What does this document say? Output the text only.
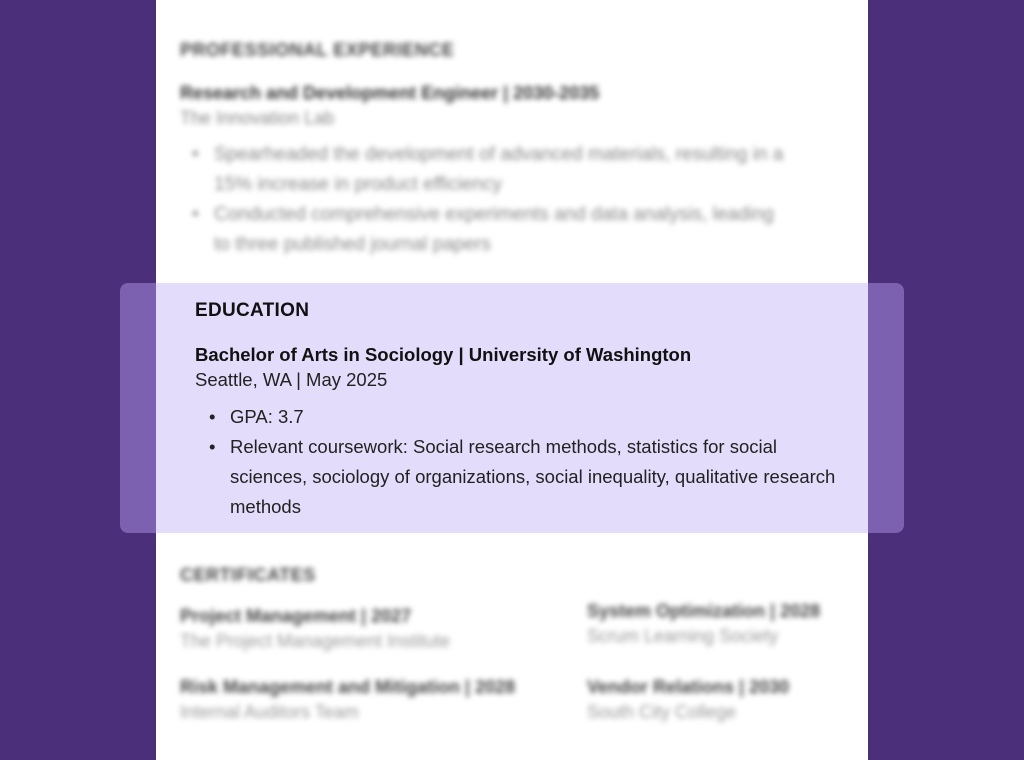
PROFESSIONAL EXPERIENCE
Research and Development Engineer | 2030-2035
The Innovation Lab
• Spearheaded the development of advanced materials, resulting in a 15% increase in product efficiency
• Conducted comprehensive experiments and data analysis, leading to three published journal papers
CERTIFICATES
Project Management | 2027
The Project Management Institute
System Optimization | 2028
Scrum Learning Society
Risk Management and Mitigation | 2028
Internal Auditors Team
Vendor Relations | 2030
South City College
EDUCATION
Bachelor of Arts in Sociology | University of Washington
Seattle, WA | May 2025
• GPA: 3.7
• Relevant coursework: Social research methods, statistics for social sciences, sociology of organizations, social inequality, qualitative research methods
